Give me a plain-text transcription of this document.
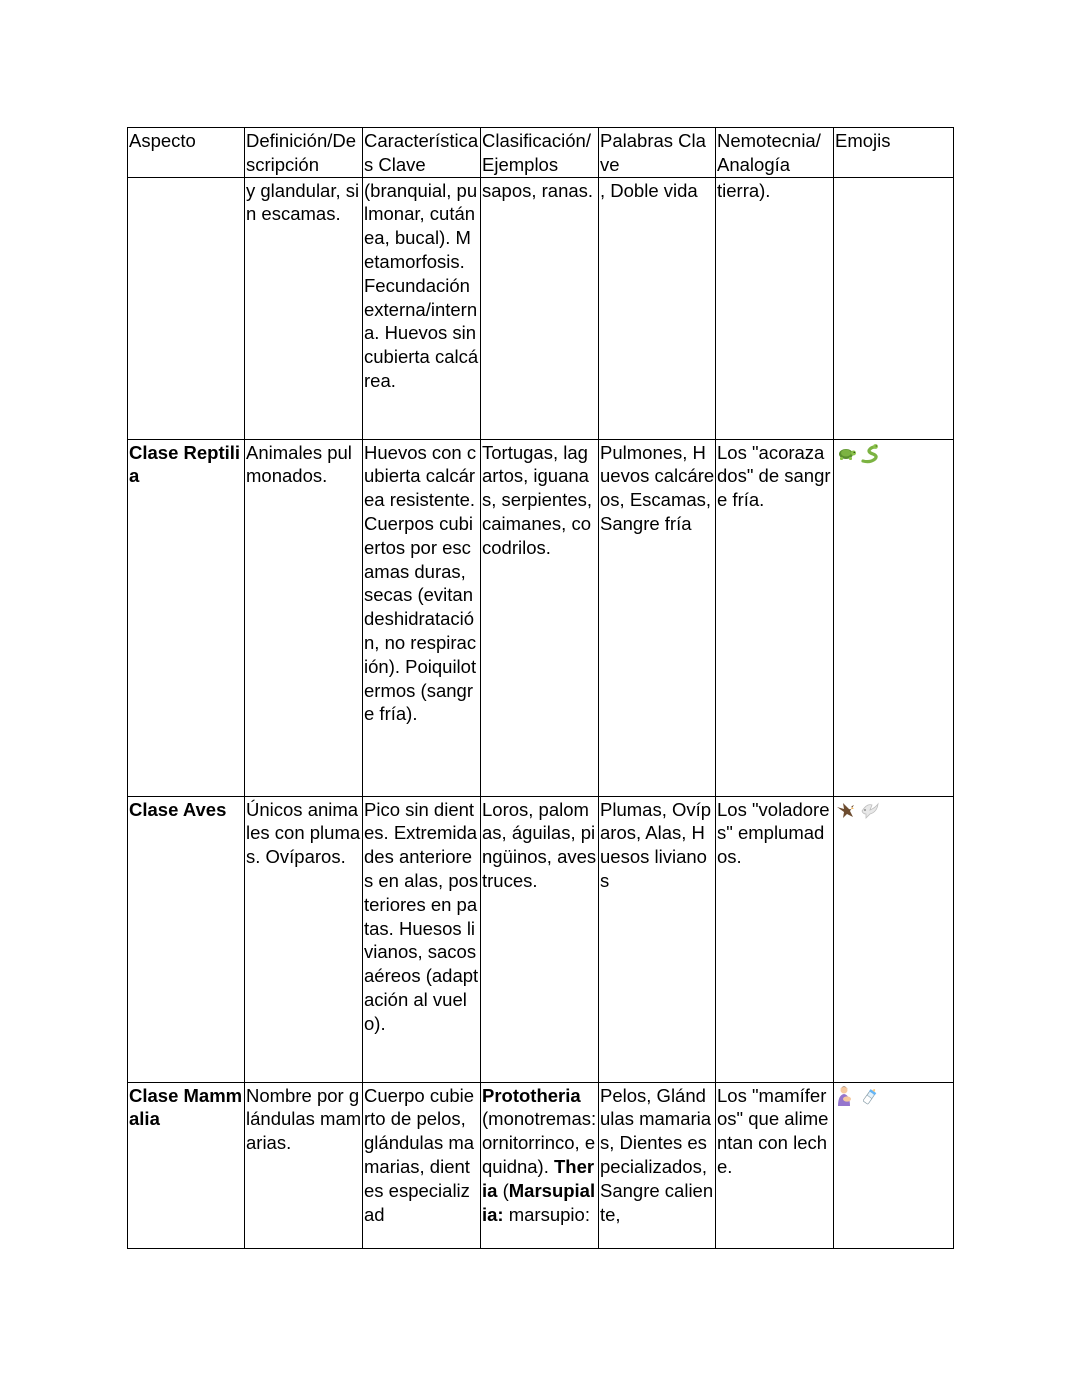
Aspecto	Definición/Descripción	Características Clave	Clasificación/Ejemplos	Palabras Clave	Nemotecnia/ Analogía	Emojis
	y glandular, sin escamas.	(branquial, pulmonar, cutánea, bucal). Metamorfosis. Fecundación externa/interna. Huevos sin cubierta calcárea.	sapos, ranas.	, Doble vida	tierra).	
Clase Reptilia	Animales pulmonados.	Huevos con cubierta calcárea resistente. Cuerpos cubiertos por escamas duras, secas (evitan deshidratación, no respiración). Poiquilotermos (sangre fría).	Tortugas, lagartos, iguanas, serpientes, caimanes, cocodrilos.	Pulmones, Huevos calcáreos, Escamas, Sangre fría	Los "acorazados" de sangre fría.	

Clase Aves	Únicos animales con plumas. Ovíparos.	Pico sin dientes. Extremidades anteriores en alas, posteriores en patas. Huesos livianos, sacos aéreos (adaptación al vuelo).	Loros, palomas, águilas, pingüinos, avestruces.	Plumas, Ovíparos, Alas, Huesos livianos	Los "voladores" emplumados.	

Clase Mammalia	Nombre por glándulas mamarias.	Cuerpo cubierto de pelos, glándulas mamarias, dientes especializad	Prototheria (monotremas: ornitorrinco, equidna). Theria (Marsupialia: marsupio:	Pelos, Glándulas mamarias, Dientes especializados, Sangre caliente,	Los "mamíferos" que alimentan con leche.	
